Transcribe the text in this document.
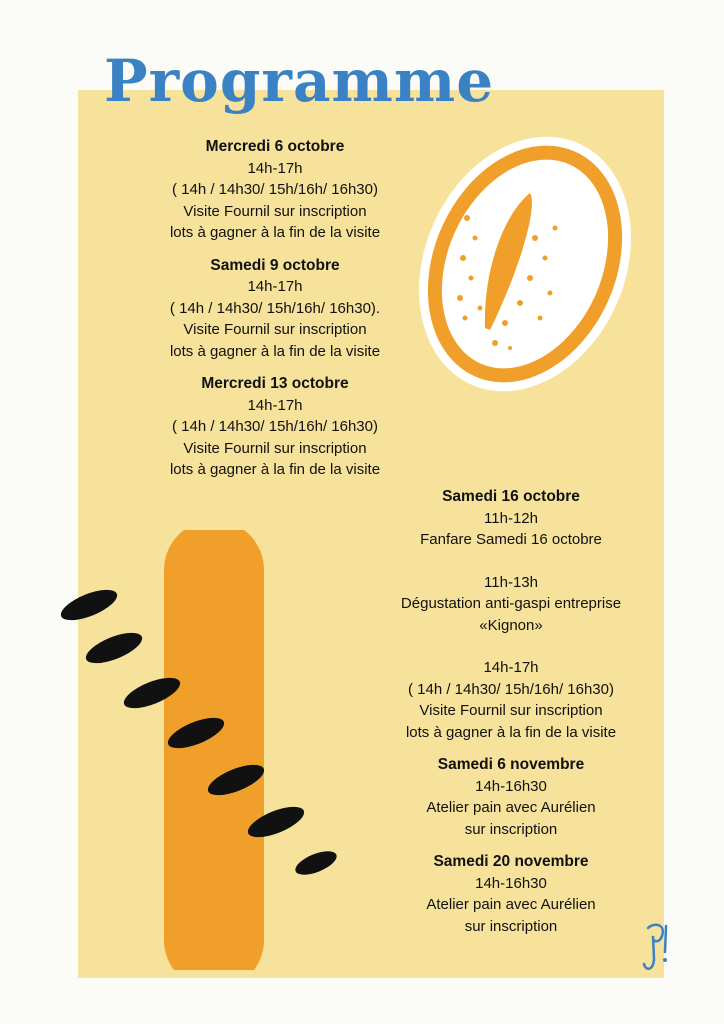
Programme

Mercredi 6 octobre

14h-17h

( 14h / 14h30/ 15h/16h/ 16h30)

Visite Fournil sur inscription

lots à gagner à la fin de la visite

Samedi 9 octobre

14h-17h

( 14h / 14h30/ 15h/16h/ 16h30).

Visite Fournil sur inscription

lots à gagner à la fin de la visite

Mercredi 13 octobre

14h-17h

( 14h / 14h30/ 15h/16h/ 16h30)

Visite Fournil sur inscription

lots à gagner à la fin de la visite

Samedi 16 octobre

11h-12h

Fanfare Samedi 16 octobre

11h-13h

Dégustation anti-gaspi entreprise

«Kignon»

14h-17h

( 14h / 14h30/ 15h/16h/ 16h30)

Visite Fournil sur inscription

lots à gagner à la fin de la visite

Samedi 6 novembre

14h-16h30

Atelier pain avec Aurélien

sur inscription

Samedi 20 novembre

14h-16h30

Atelier pain avec Aurélien

sur inscription
